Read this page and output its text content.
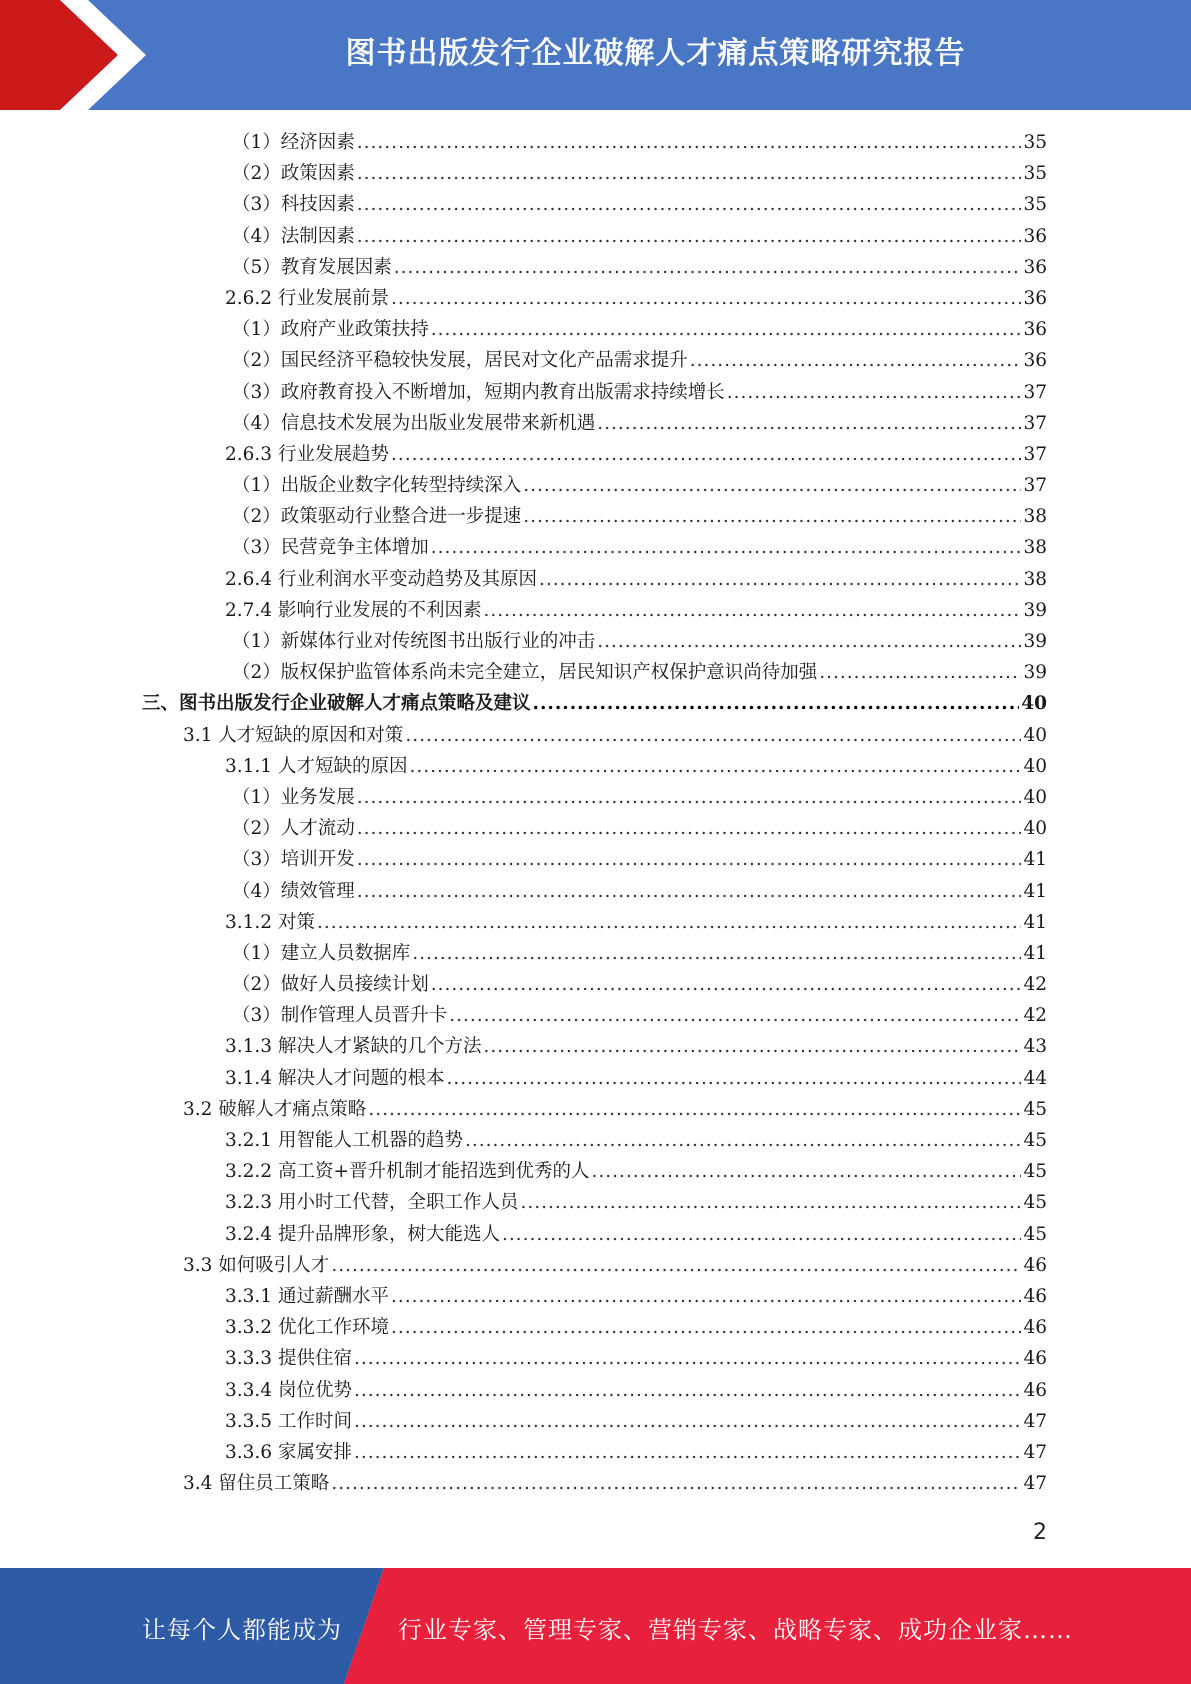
图书出版发行企业破解人才痛点策略研究报告
（1）经济因素 .....	35
（2）政策因素 .....	35
（3）科技因素 .....	35
（4）法制因素 .....	36
（5）教育发展因素 .....	36
2.6.2 行业发展前景 .....	36
（1）政府产业政策扶持 .....	36
（2）国民经济平稳较快发展，居民对文化产品需求提升 .....	36
（3）政府教育投入不断增加，短期内教育出版需求持续增长 .....	37
（4）信息技术发展为出版业发展带来新机遇 .....	37
2.6.3 行业发展趋势 .....	37
（1）出版企业数字化转型持续深入 .....	37
（2）政策驱动行业整合进一步提速 .....	38
（3）民营竞争主体增加 .....	38
2.6.4 行业利润水平变动趋势及其原因 .....	38
2.7.4 影响行业发展的不利因素 .....	39
（1）新媒体行业对传统图书出版行业的冲击 .....	39
（2）版权保护监管体系尚未完全建立，居民知识产权保护意识尚待加强 .....	39
三、图书出版发行企业破解人才痛点策略及建议 .....	40
3.1 人才短缺的原因和对策 .....	40
3.1.1 人才短缺的原因 .....	40
（1）业务发展 .....	40
（2）人才流动 .....	40
（3）培训开发 .....	41
（4）绩效管理 .....	41
3.1.2 对策 .....	41
（1）建立人员数据库 .....	41
（2）做好人员接续计划 .....	42
（3）制作管理人员晋升卡 .....	42
3.1.3 解决人才紧缺的几个方法 .....	43
3.1.4 解决人才问题的根本 .....	44
3.2 破解人才痛点策略 .....	45
3.2.1 用智能人工机器的趋势 .....	45
3.2.2 高工资+晋升机制才能招选到优秀的人 .....	45
3.2.3 用小时工代替，全职工作人员 .....	45
3.2.4 提升品牌形象，树大能选人 .....	45
3.3 如何吸引人才 .....	46
3.3.1 通过薪酬水平 .....	46
3.3.2 优化工作环境 .....	46
3.3.3 提供住宿 .....	46
3.3.4 岗位优势 .....	46
3.3.5 工作时间 .....	47
3.3.6 家属安排 .....	47
3.4 留住员工策略 .....	47
2
让每个人都能成为 行业专家、管理专家、营销专家、战略专家、成功企业家……
